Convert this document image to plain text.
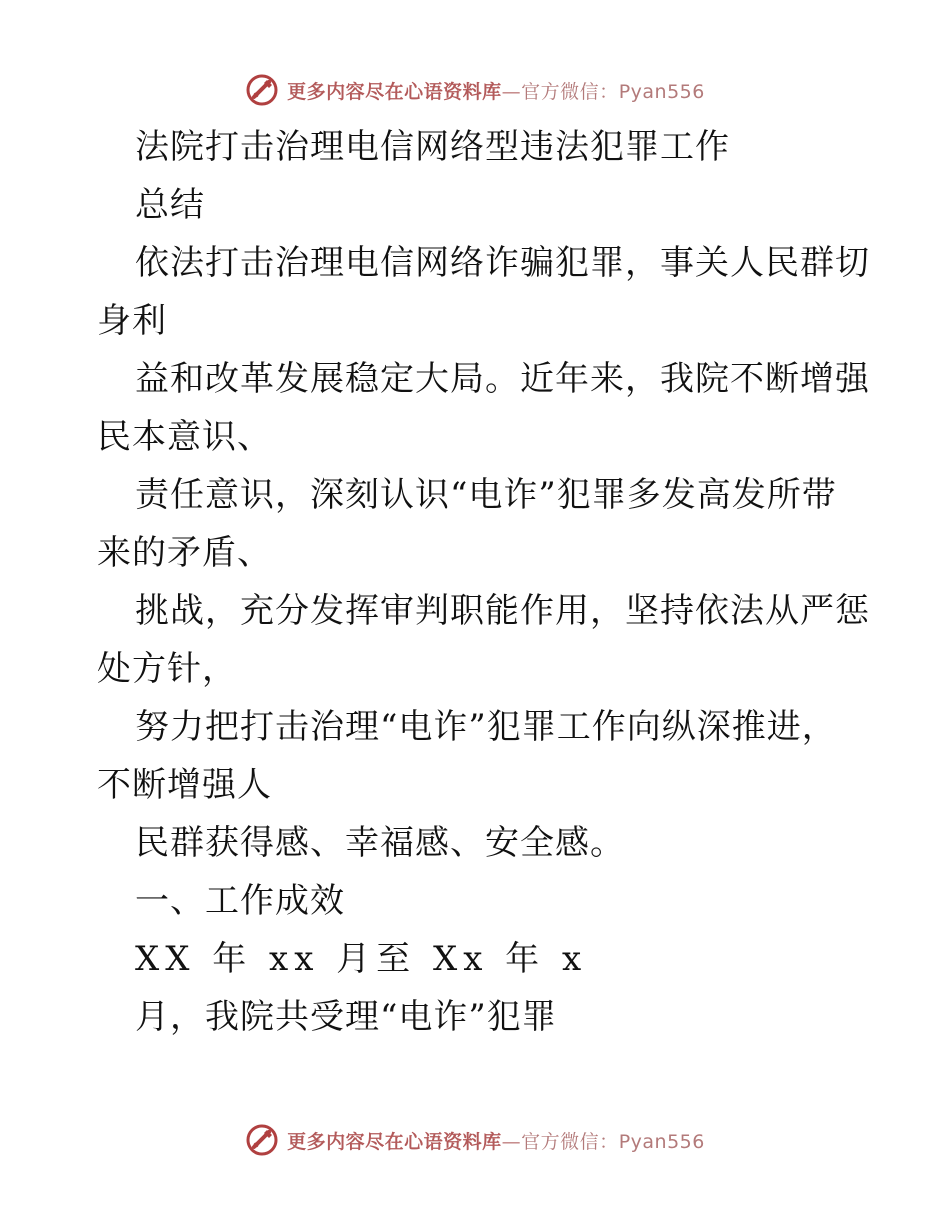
更多内容尽在心语资料库—官方微信：Pyan556
法院打击治理电信网络型违法犯罪工作
总结
依法打击治理电信网络诈骗犯罪，事关人民群切
身利
益和改革发展稳定大局。近年来，我院不断增强
民本意识、
责任意识，深刻认识“电诈”犯罪多发高发所带
来的矛盾、
挑战，充分发挥审判职能作用，坚持依法从严惩
处方针，
努力把打击治理“电诈”犯罪工作向纵深推进，
不断增强人
民群获得感、幸福感、安全感。
一、工作成效
XX 年 xx 月至 Xx 年 x
月，我院共受理“电诈”犯罪
更多内容尽在心语资料库—官方微信：Pyan556
